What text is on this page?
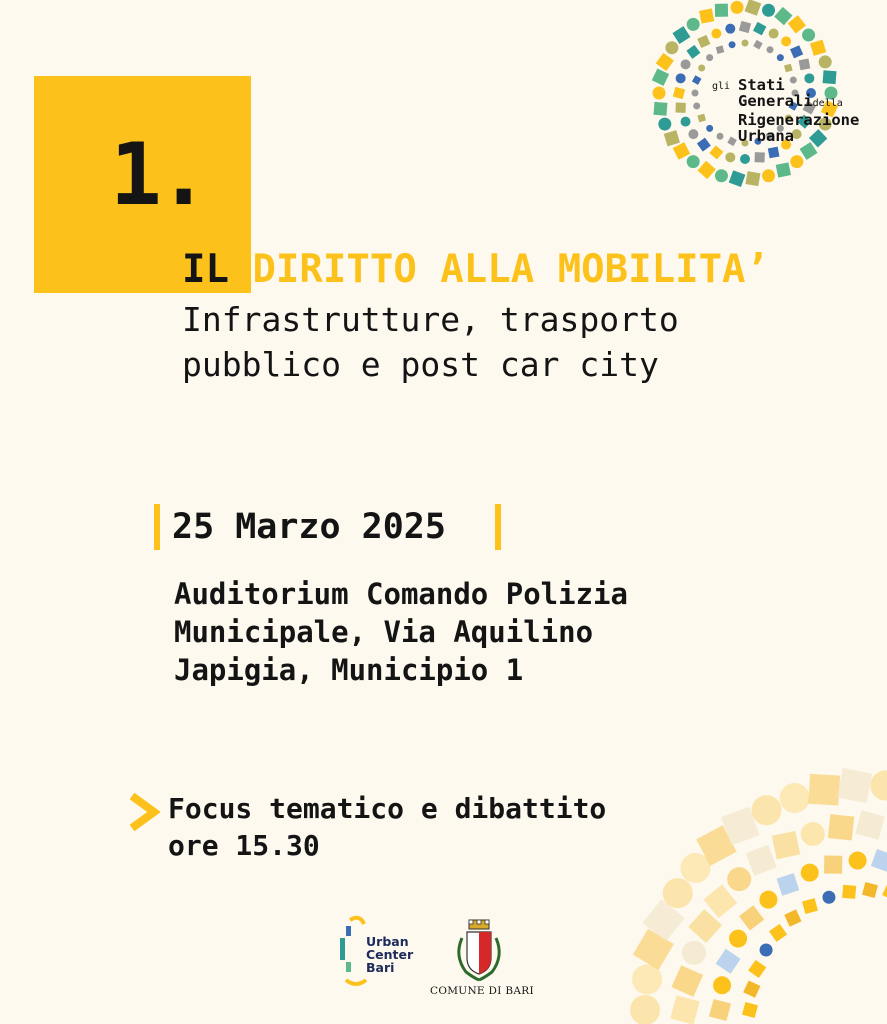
1.
IL DIRITTO ALLA MOBILITA’
Infrastrutture, trasporto
pubblico e post car city
25 Marzo 2025
Auditorium Comando Polizia
Municipale, Via Aquilino
Japigia, Municipio 1
Focus tematico e dibattito
ore 15.30
gli Stati
Generalidella
Rigenerazione
Urbana
Urban
Center
Bari
COMUNE DI BARI
